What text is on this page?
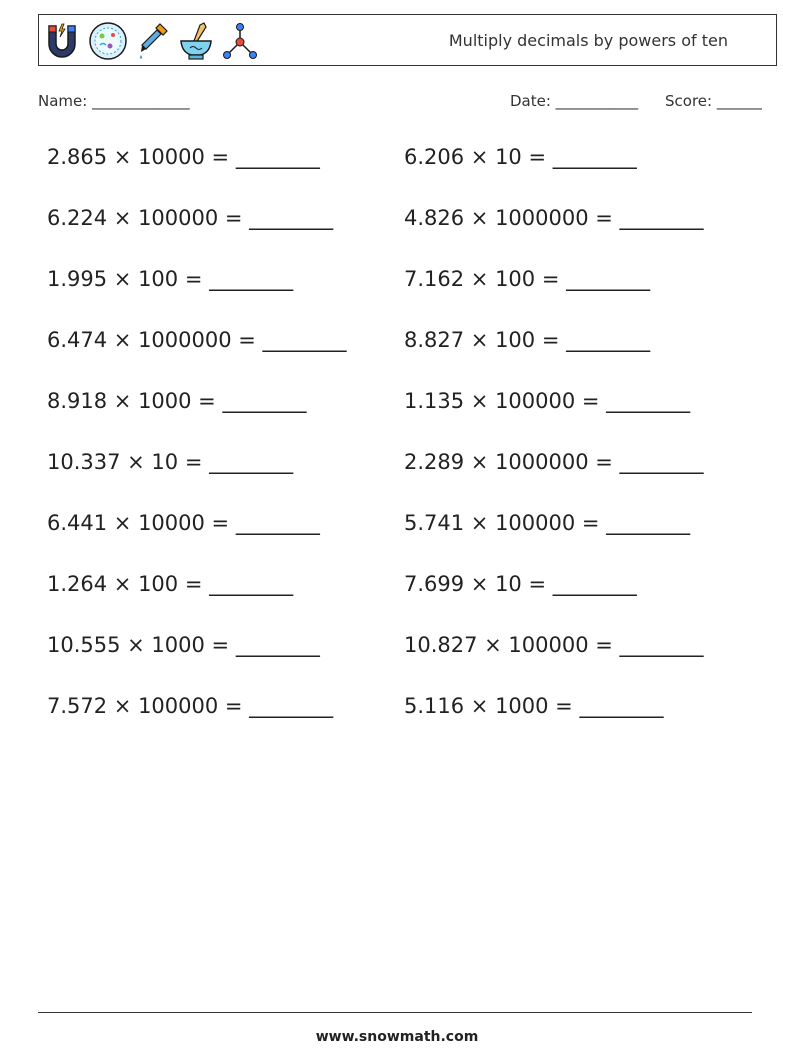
Multiply decimals by powers of ten
Name: _____________	Date: ___________ Score: ______
2.865 × 10000 = ________	6.206 × 10 = ________
6.224 × 100000 = ________	4.826 × 1000000 = ________
1.995 × 100 = ________	7.162 × 100 = ________
6.474 × 1000000 = ________	8.827 × 100 = ________
8.918 × 1000 = ________	1.135 × 100000 = ________
10.337 × 10 = ________	2.289 × 1000000 = ________
6.441 × 10000 = ________	5.741 × 100000 = ________
1.264 × 100 = ________	7.699 × 10 = ________
10.555 × 1000 = ________	10.827 × 100000 = ________
7.572 × 100000 = ________	5.116 × 1000 = ________
www.snowmath.com
